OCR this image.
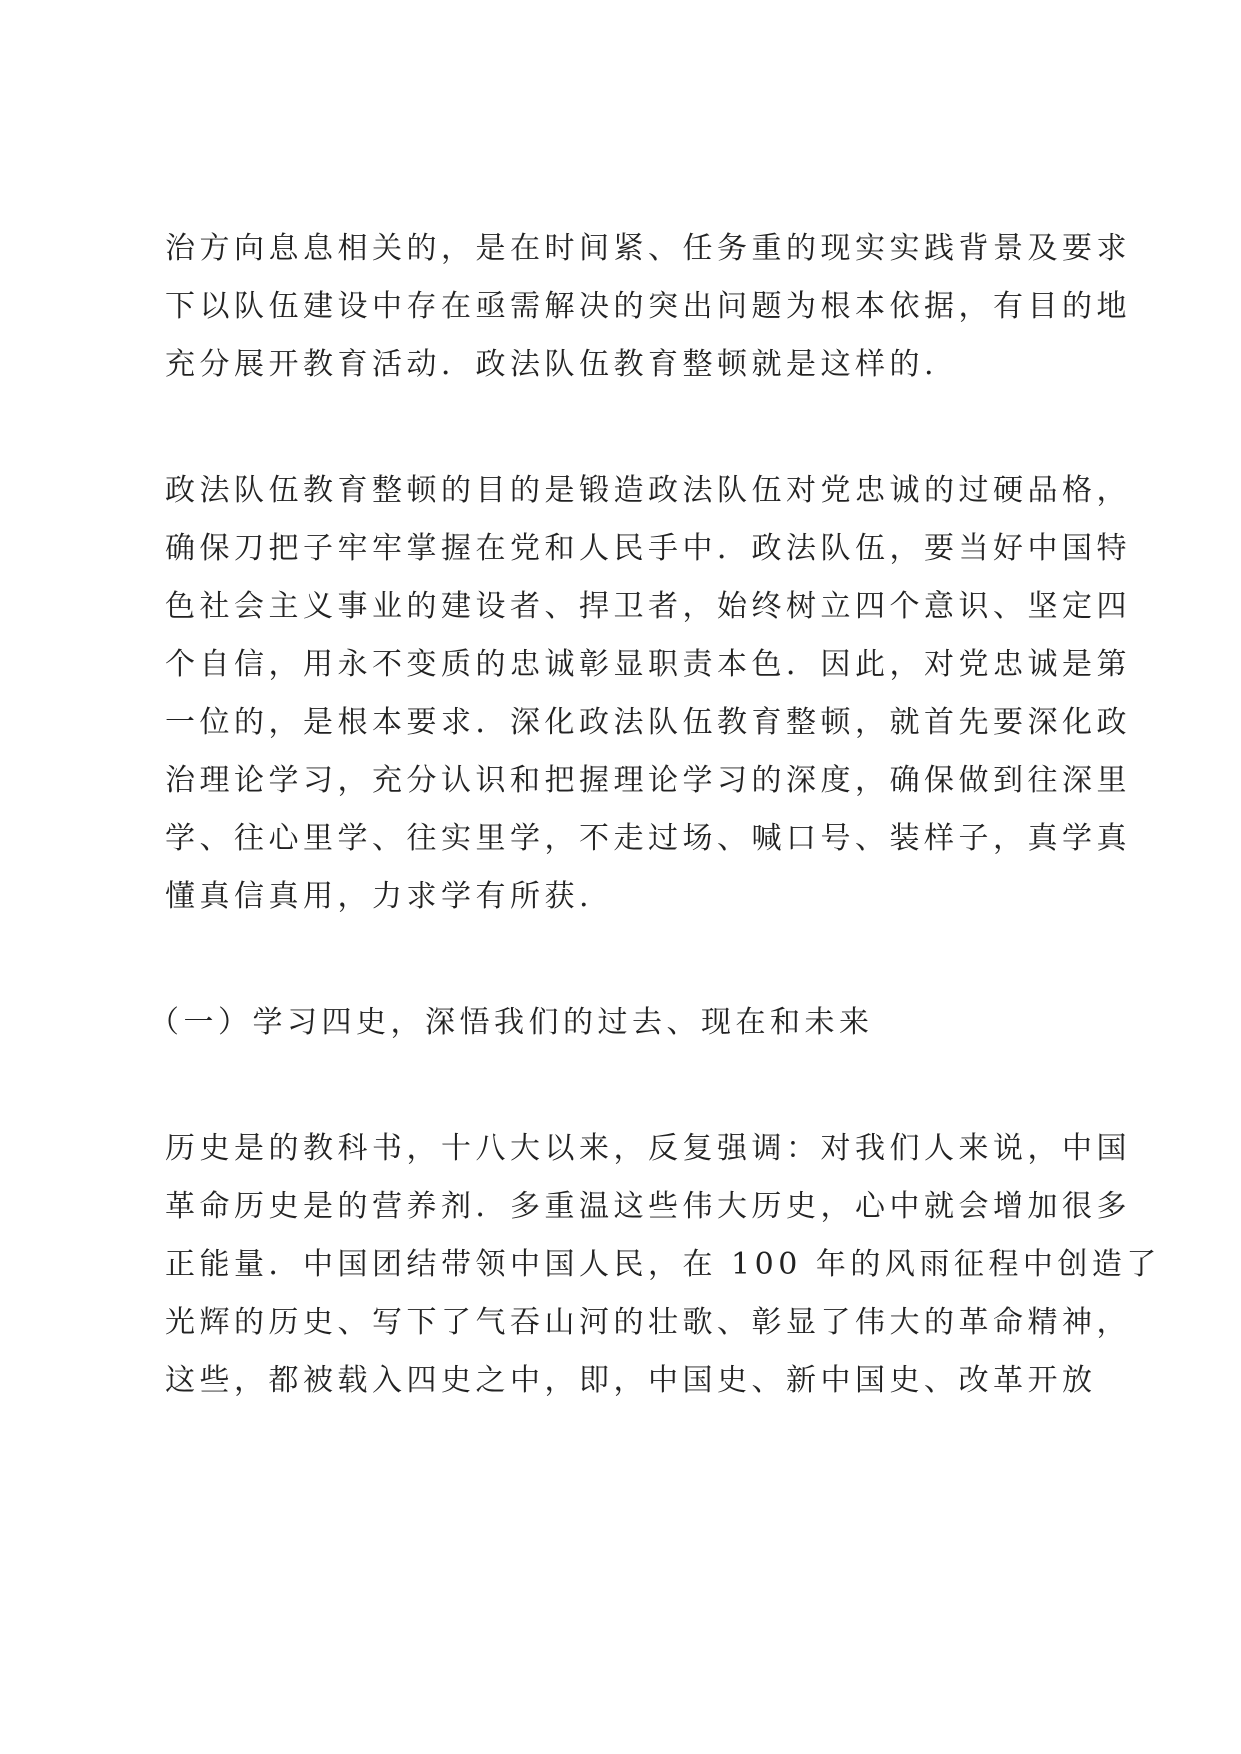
治方向息息相关的，是在时间紧、任务重的现实实践背景及要求
下以队伍建设中存在亟需解决的突出问题为根本依据，有目的地
充分展开教育活动．政法队伍教育整顿就是这样的.
政法队伍教育整顿的目的是锻造政法队伍对党忠诚的过硬品格，
确保刀把子牢牢掌握在党和人民手中．政法队伍，要当好中国特
色社会主义事业的建设者、捍卫者，始终树立四个意识、坚定四
个自信，用永不变质的忠诚彰显职责本色．因此，对党忠诚是第
一位的，是根本要求．深化政法队伍教育整顿，就首先要深化政
治理论学习，充分认识和把握理论学习的深度，确保做到往深里
学、往心里学、往实里学，不走过场、喊口号、装样子，真学真
懂真信真用，力求学有所获.
（一）学习四史，深悟我们的过去、现在和未来
历史是的教科书，十八大以来，反复强调：对我们人来说，中国
革命历史是的营养剂．多重温这些伟大历史，心中就会增加很多
正能量．中国团结带领中国人民，在 100 年的风雨征程中创造了
光辉的历史、写下了气吞山河的壮歌、彰显了伟大的革命精神，
这些，都被载入四史之中，即，中国史、新中国史、改革开放
